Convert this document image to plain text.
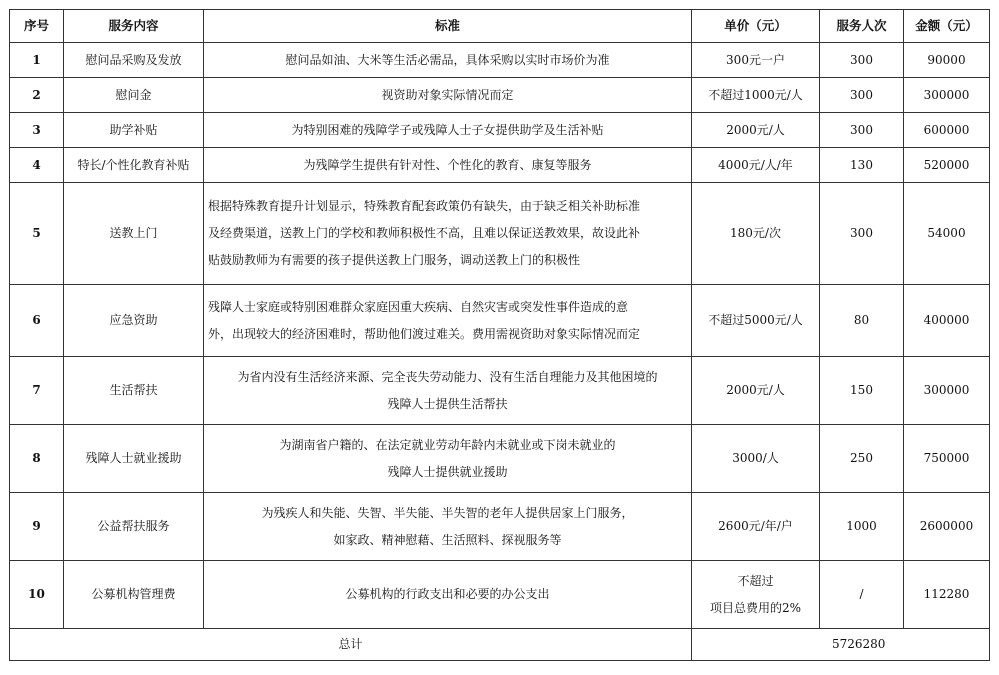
序号	服务内容	标准	单价（元）	服务人次	金额（元）
1	慰问品采购及发放	慰问品如油、大米等生活必需品，具体采购以实时市场价为准	300元一户	300	90000
2	慰问金	视资助对象实际情况而定	不超过1000元/人	300	300000
3	助学补贴	为特别困难的残障学子或残障人士子女提供助学及生活补贴	2000元/人	300	600000
4	特长/个性化教育补贴	为残障学生提供有针对性、个性化的教育、康复等服务	4000元/人/年	130	520000
5	送教上门	根据特殊教育提升计划显示，特殊教育配套政策仍有缺失，由于缺乏相关补助标准
及经费渠道，送教上门的学校和教师积极性不高，且难以保证送教效果，故设此补
贴鼓励教师为有需要的孩子提供送教上门服务，调动送教上门的积极性	180元/次	300	54000
6	应急资助	残障人士家庭或特别困难群众家庭因重大疾病、自然灾害或突发性事件造成的意
外，出现较大的经济困难时，帮助他们渡过难关。费用需视资助对象实际情况而定	不超过5000元/人	80	400000
7	生活帮扶	为省内没有生活经济来源、完全丧失劳动能力、没有生活自理能力及其他困境的
残障人士提供生活帮扶	2000元/人	150	300000
8	残障人士就业援助	为湖南省户籍的、在法定就业劳动年龄内未就业或下岗未就业的
残障人士提供就业援助	3000/人	250	750000
9	公益帮扶服务	为残疾人和失能、失智、半失能、半失智的老年人提供居家上门服务，
如家政、精神慰藉、生活照料、探视服务等	2600元/年/户	1000	2600000
10	公募机构管理费	公募机构的行政支出和必要的办公支出	不超过
项目总费用的2%	/	112280
总计			5726280		
